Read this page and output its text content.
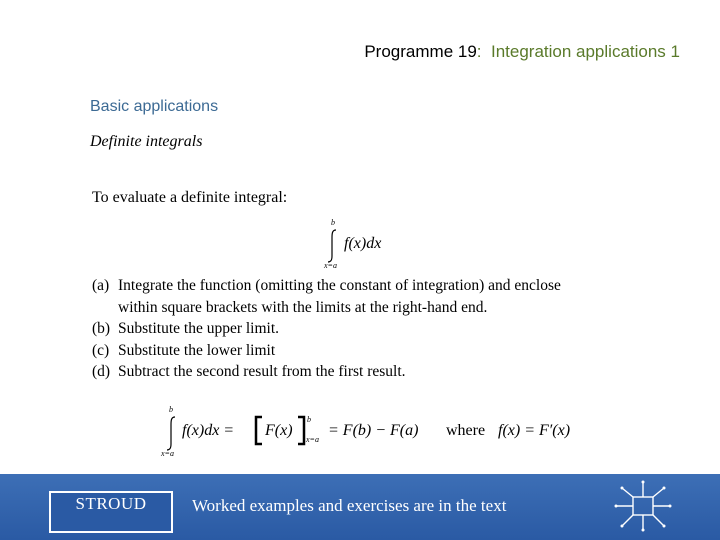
Programme 19: Integration applications 1
Basic applications
Definite integrals
To evaluate a definite integral:
b
x=a
f(x)dx
(a) Integrate the function (omitting the constant of integration) and enclose
within square brackets with the limits at the right-hand end.
(b) Substitute the upper limit.
(c) Substitute the lower limit
(d) Subtract the second result from the first result.
b
x=a
f(x)dx = F(x)
b
x=a
= F(b) − F(a) where f(x) = F′(x)
STROUD	Worked examples and exercises are in the text
